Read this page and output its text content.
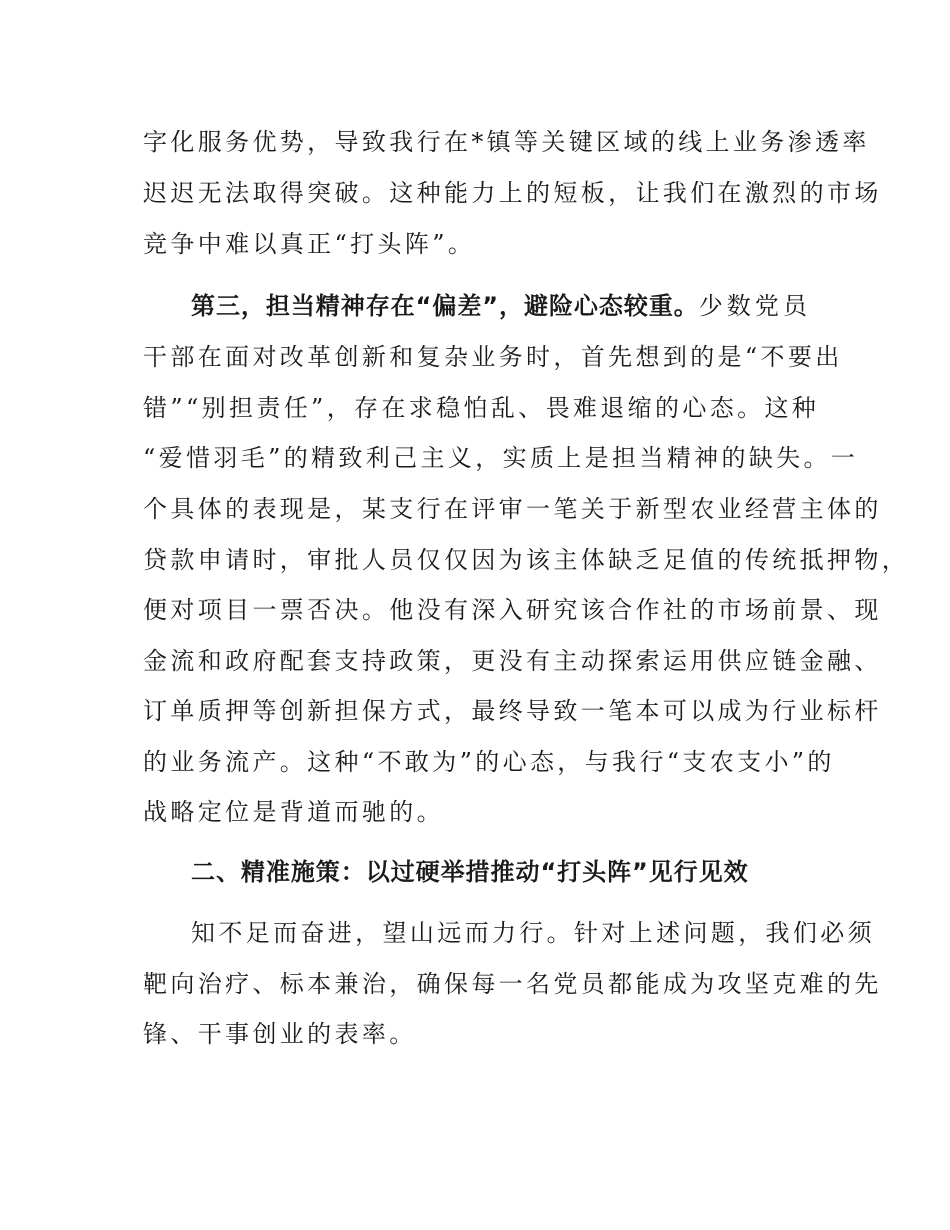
字化服务优势，导致我行在*镇等关键区域的线上业务渗透率
迟迟无法取得突破。这种能力上的短板，让我们在激烈的市场
竞争中难以真正“打头阵”。
第三，担当精神存在“偏差”，避险心态较重。少数党员
干部在面对改革创新和复杂业务时，首先想到的是“不要出
错”“别担责任”，存在求稳怕乱、畏难退缩的心态。这种
“爱惜羽毛”的精致利己主义，实质上是担当精神的缺失。一
个具体的表现是，某支行在评审一笔关于新型农业经营主体的
贷款申请时，审批人员仅仅因为该主体缺乏足值的传统抵押物，
便对项目一票否决。他没有深入研究该合作社的市场前景、现
金流和政府配套支持政策，更没有主动探索运用供应链金融、
订单质押等创新担保方式，最终导致一笔本可以成为行业标杆
的业务流产。这种“不敢为”的心态，与我行“支农支小”的
战略定位是背道而驰的。
二、精准施策：以过硬举措推动“打头阵”见行见效
知不足而奋进，望山远而力行。针对上述问题，我们必须
靶向治疗、标本兼治，确保每一名党员都能成为攻坚克难的先
锋、干事创业的表率。
